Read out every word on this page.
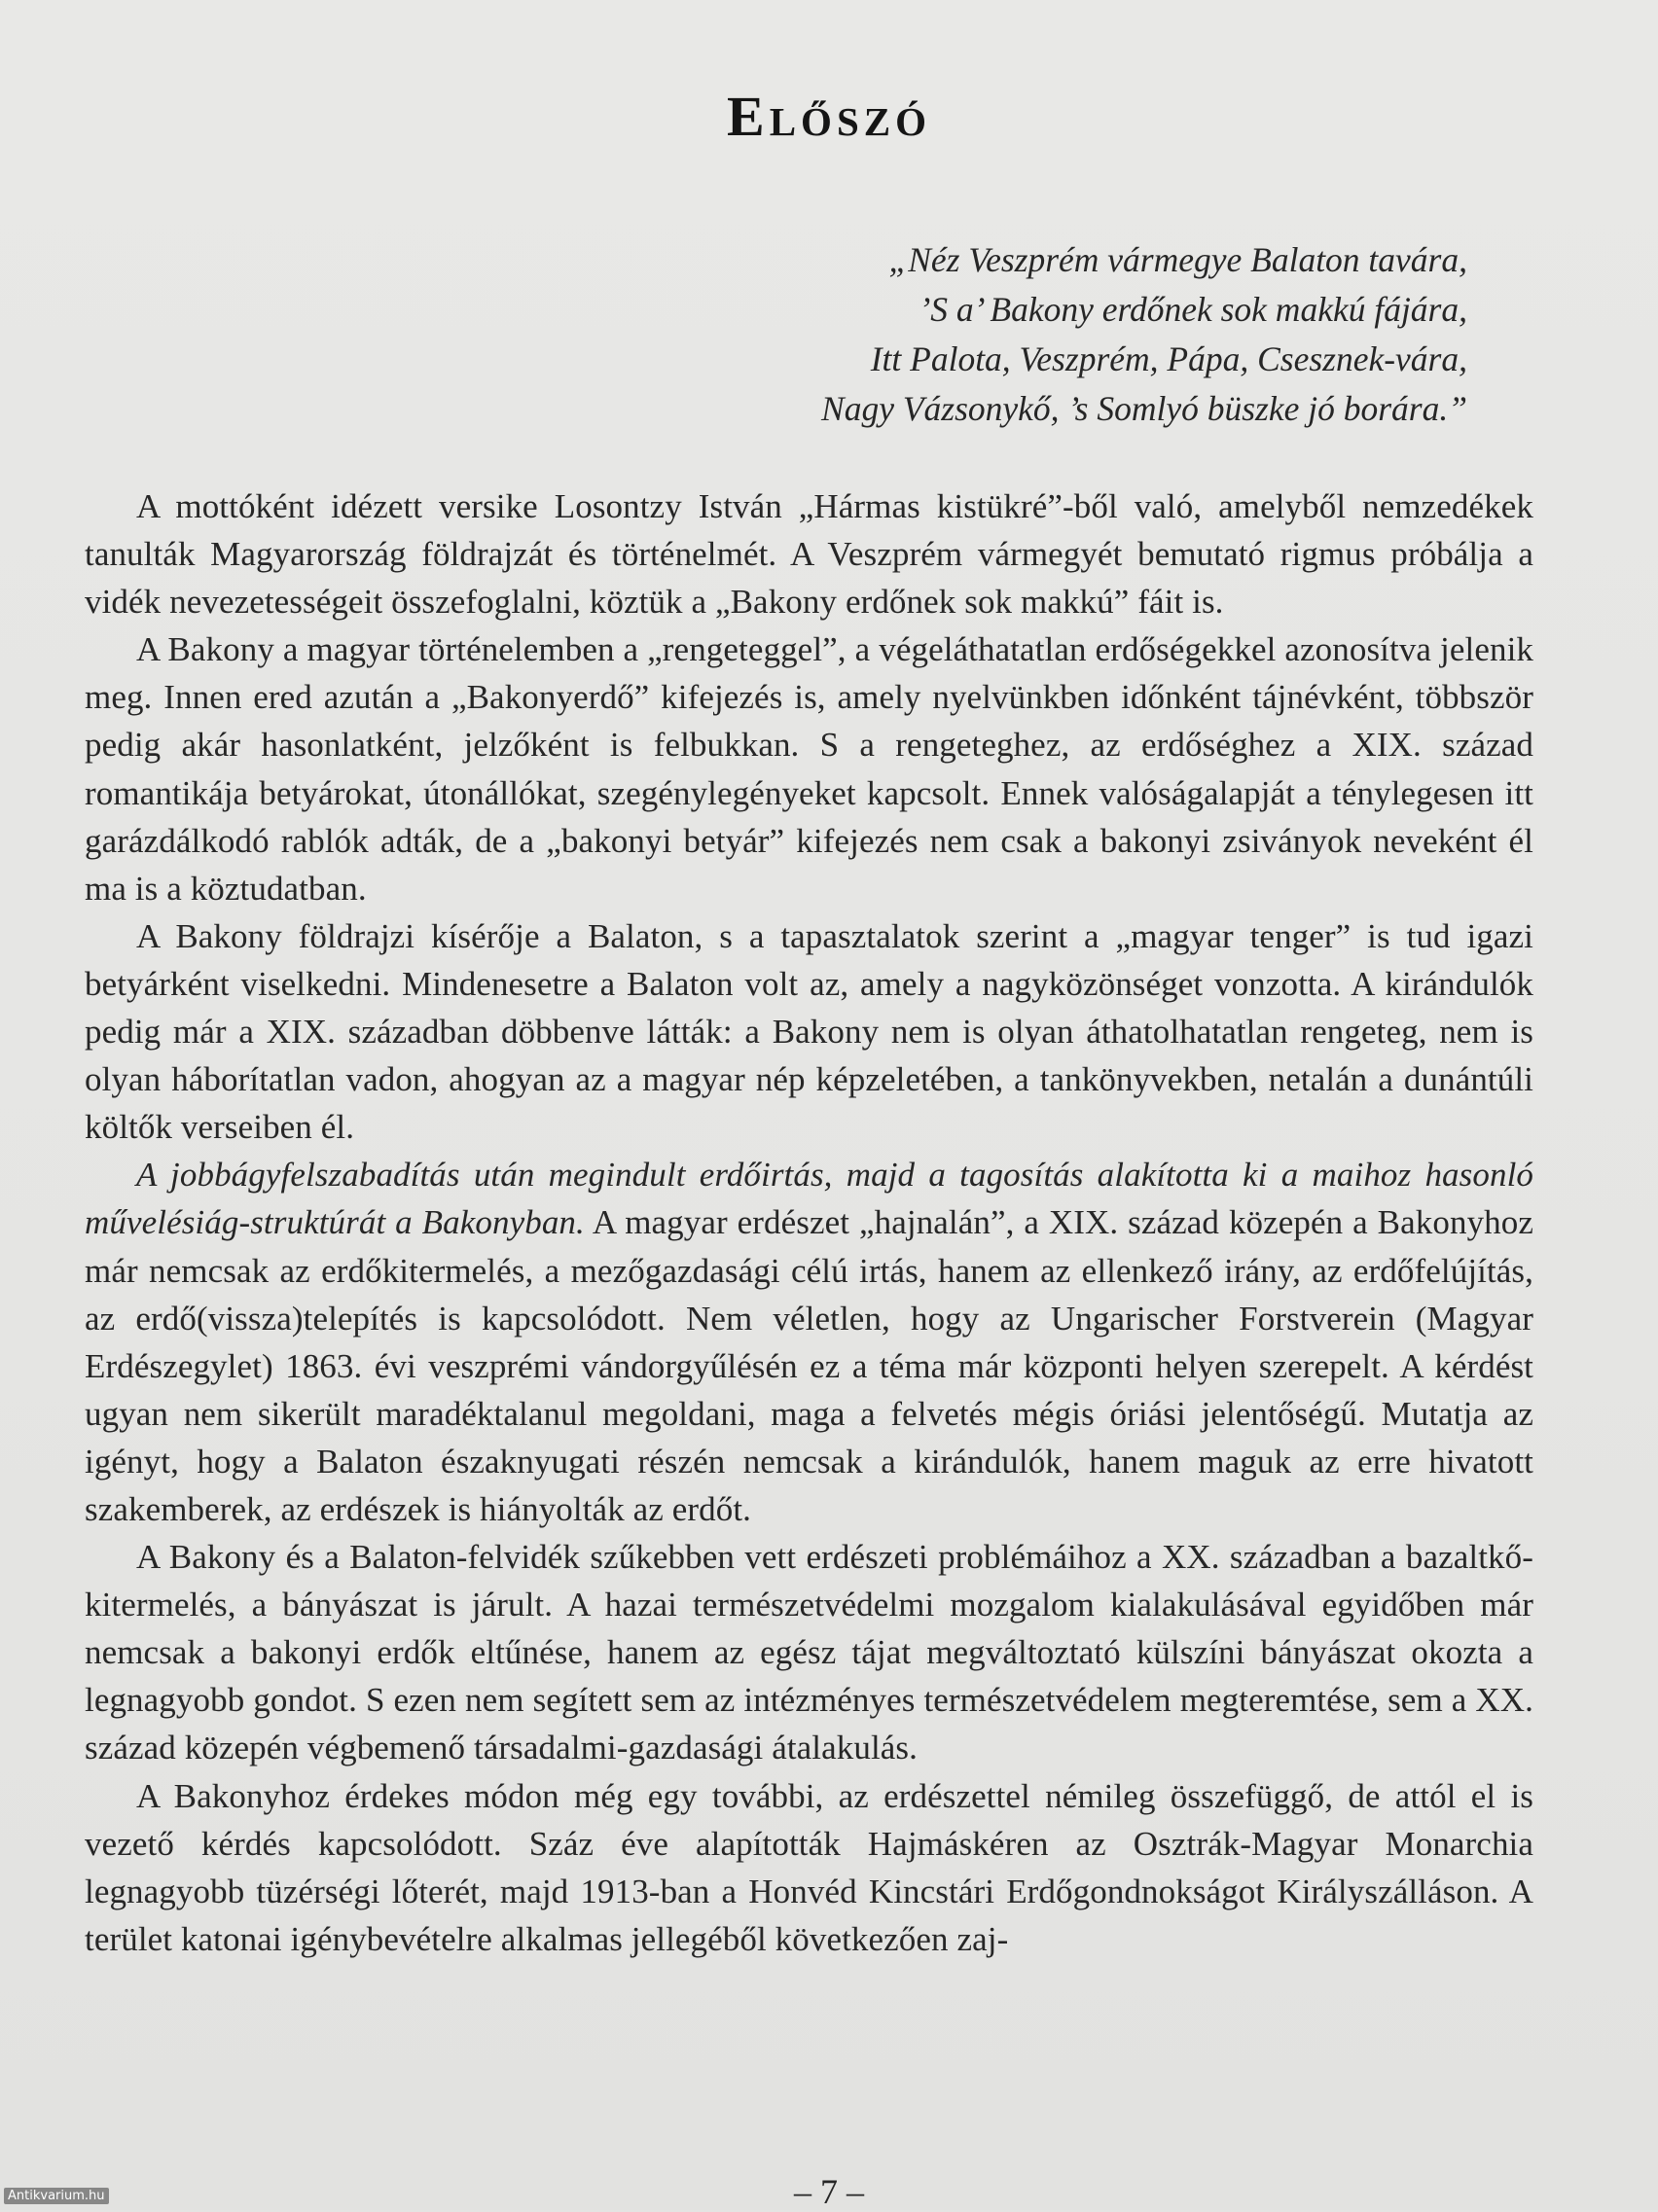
Előszó
„Néz Veszprém vármegye Balaton tavára,
’S a’ Bakony erdőnek sok makkú fájára,
Itt Palota, Veszprém, Pápa, Csesznek-vára,
Nagy Vázsonykő, ’s Somlyó büszke jó borára.”

A mottóként idézett versike Losontzy István „Hármas kistükré”-ből való, amelyből nemzedékek tanulták Magyarország földrajzát és történelmét. A Veszprém vármegyét bemutató rigmus próbálja a vidék nevezetességeit összefoglalni, köztük a „Bakony erdőnek sok makkú” fáit is.

A Bakony a magyar történelemben a „rengeteggel”, a végeláthatatlan erdőségekkel azonosítva jelenik meg. Innen ered azután a „Bakonyerdő” kifejezés is, amely nyelvünkben időnként tájnévként, többször pedig akár hasonlatként, jelzőként is felbukkan. S a rengeteghez, az erdőséghez a XIX. század romantikája betyárokat, útonállókat, szegénylegényeket kapcsolt. Ennek valóságalapját a ténylegesen itt garázdálkodó rablók adták, de a „bakonyi betyár” kifejezés nem csak a bakonyi zsiványok neveként él ma is a köztudatban.

A Bakony földrajzi kísérője a Balaton, s a tapasztalatok szerint a „magyar tenger” is tud igazi betyárként viselkedni. Mindenesetre a Balaton volt az, amely a nagyközönséget vonzotta. A kirándulók pedig már a XIX. században döbbenve látták: a Bakony nem is olyan áthatolhatatlan rengeteg, nem is olyan háborítatlan vadon, ahogyan az a magyar nép képzeletében, a tankönyvekben, netalán a dunántúli költők verseiben él.

A jobbágyfelszabadítás után megindult erdőirtás, majd a tagosítás alakította ki a maihoz hasonló művelésiág-struktúrát a Bakonyban. A magyar erdészet „hajnalán”, a XIX. század közepén a Bakonyhoz már nemcsak az erdőkitermelés, a mezőgazdasági célú irtás, hanem az ellenkező irány, az erdőfelújítás, az erdő(vissza)telepítés is kapcsolódott. Nem véletlen, hogy az Ungarischer Forstverein (Magyar Erdészegylet) 1863. évi veszprémi vándorgyűlésén ez a téma már központi helyen szerepelt. A kérdést ugyan nem sikerült maradéktalanul megoldani, maga a felvetés mégis óriási jelentőségű. Mutatja az igényt, hogy a Balaton északnyugati részén nemcsak a kirándulók, hanem maguk az erre hivatott szakemberek, az erdészek is hiányolták az erdőt.

A Bakony és a Balaton-felvidék szűkebben vett erdészeti problémáihoz a XX. században a bazaltkő-kitermelés, a bányászat is járult. A hazai természetvédelmi mozgalom kialakulásával egyidőben már nemcsak a bakonyi erdők eltűnése, hanem az egész tájat megváltoztató külszíni bányászat okozta a legnagyobb gondot. S ezen nem segített sem az intézményes természetvédelem megteremtése, sem a XX. század közepén végbemenő társadalmi-gazdasági átalakulás.

A Bakonyhoz érdekes módon még egy további, az erdészettel némileg összefüggő, de attól el is vezető kérdés kapcsolódott. Száz éve alapították Hajmáskéren az Osztrák-Magyar Monarchia legnagyobb tüzérségi lőterét, majd 1913-ban a Honvéd Kincstári Erdőgondnokságot Királyszálláson. A terület katonai igénybevételre alkalmas jellegéből következően zaj-

– 7 –
Antikvarium.hu
